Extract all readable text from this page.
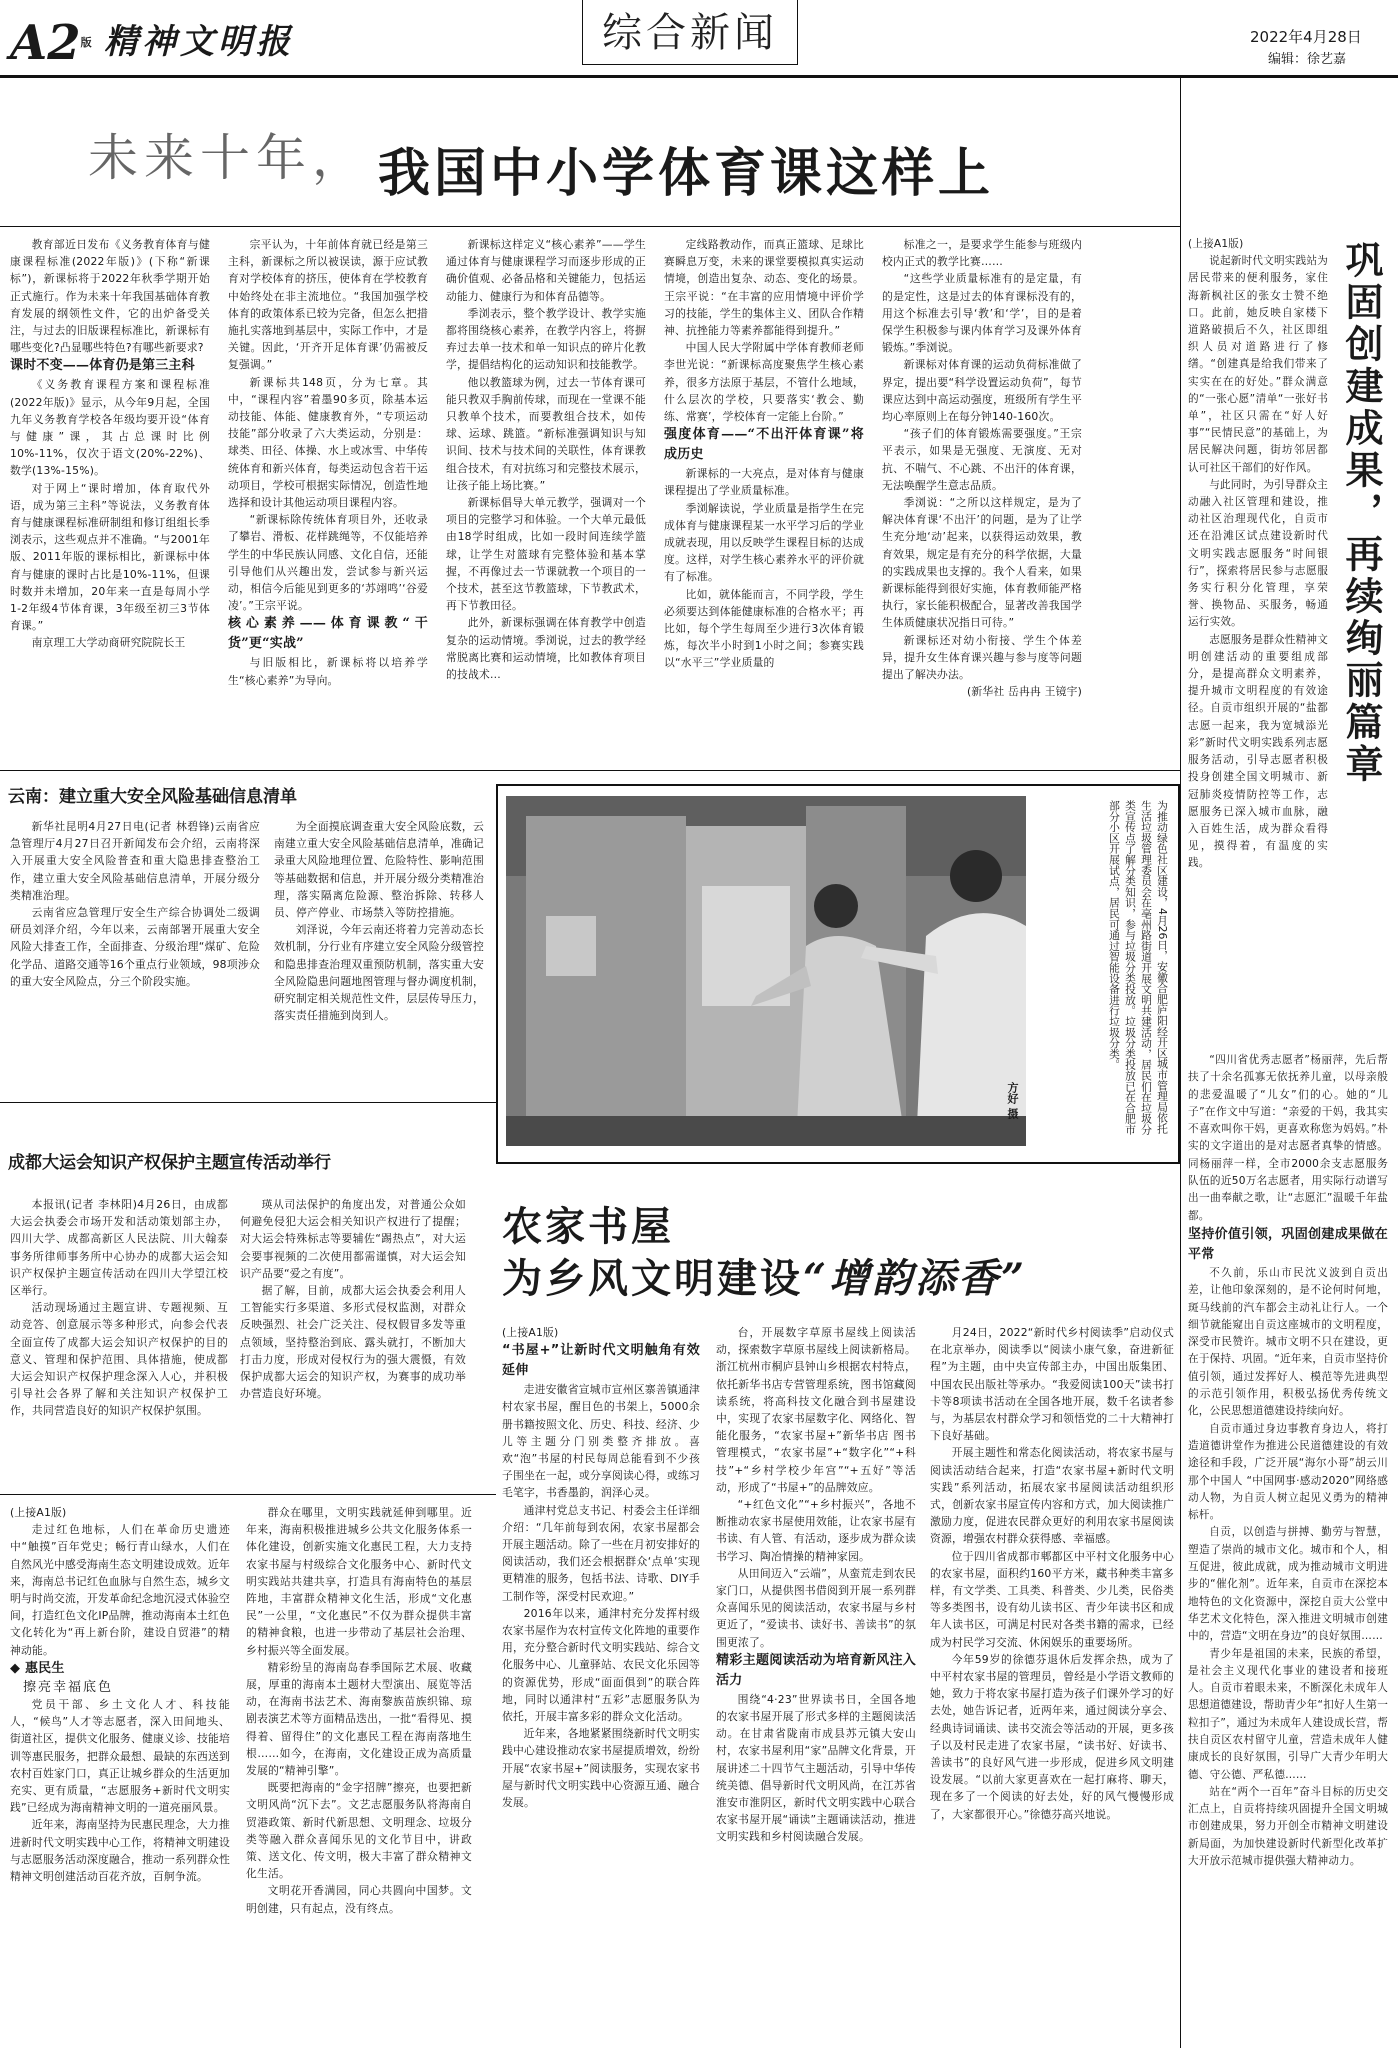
A2版 精神文明报	综合新闻	2022年4月28日
编辑：徐艺嘉
未来十年， 我国中小学体育课这样上

教育部近日发布《义务教育体育与健康课程标准(2022年版)》(下称“新课标”)，新课标将于2022年秋季学期开始正式施行。作为未来十年我国基础体育教育发展的纲领性文件，它的出炉备受关注，与过去的旧版课程标准比，新课标有哪些变化?凸显哪些特色?有哪些新要求?

课时不变——体育仍是第三主科

《义务教育课程方案和课程标准(2022年版)》显示，从今年9月起，全国九年义务教育学校各年级均要开设“体育与健康”课，其占总课时比例10%-11%，仅次于语文(20%-22%)、数学(13%-15%)。

对于网上“课时增加，体育取代外语，成为第三主科”等说法，义务教育体育与健康课程标准研制组和修订组组长季浏表示，这些观点并不准确。“与2001年版、2011年版的课标相比，新课标中体育与健康的课时占比是10%-11%，但课时数并未增加，20年来一直是每周小学1-2年级4节体育课，3年级至初三3节体育课。”

南京理工大学动商研究院院长王

宗平认为，十年前体育就已经是第三主科，新课标之所以被误读，源于应试教育对学校体育的挤压，使体育在学校教育中始终处在非主流地位。“我国加强学校体育的政策体系已较为完备，但怎么把措施扎实落地到基层中，实际工作中，才是关键。因此，‘开齐开足体育课’仍需被反复强调。”

新课标共148页，分为七章。其中，“课程内容”着墨90多页，除基本运动技能、体能、健康教育外，“专项运动技能”部分收录了六大类运动，分别是：球类、田径、体操、水上或冰雪、中华传统体育和新兴体育，每类运动包含若干运动项目，学校可根据实际情况，创造性地选择和设计其他运动项目课程内容。

“新课标除传统体育项目外，还收录了攀岩、滑板、花样跳绳等，不仅能培养学生的中华民族认同感、文化自信，还能引导他们从兴趣出发，尝试参与新兴运动，相信今后能见到更多的‘苏翊鸣’‘谷爱凌’。”王宗平说。

核心素养——体育课教“干货”更“实战”

与旧版相比，新课标将以培养学生“核心素养”为导向。

新课标这样定义“核心素养”——学生通过体育与健康课程学习而逐步形成的正确价值观、必备品格和关键能力，包括运动能力、健康行为和体育品德等。

季浏表示，整个教学设计、教学实施都将围绕核心素养，在教学内容上，将摒弃过去单一技术和单一知识点的碎片化教学，提倡结构化的运动知识和技能教学。

他以教篮球为例，过去一节体育课可能只教双手胸前传球，而现在一堂课不能只教单个技术，而要教组合技术，如传球、运球、跳篮。“新标准强调知识与知识间、技术与技术间的关联性，体育课教组合技术，有对抗练习和完整技术展示，让孩子能上场比赛。”

新课标倡导大单元教学，强调对一个项目的完整学习和体验。一个大单元最低由18学时组成，比如一段时间连续学篮球，让学生对篮球有完整体验和基本掌握，不再像过去一节课就教一个项目的一个技术，甚至这节教篮球，下节教武术，再下节教田径。

此外，新课标强调在体育教学中创造复杂的运动情境。季浏说，过去的教学经常脱离比赛和运动情境，比如教体育项目的技战术...

定线路教动作，而真正篮球、足球比赛瞬息万变，未来的课堂要模拟真实运动情境，创造出复杂、动态、变化的场景。王宗平说：“在丰富的应用情境中评价学习的技能，学生的集体主义、团队合作精神、抗挫能力等素养都能得到提升。”

中国人民大学附属中学体育教师老师李世光说：“新课标高度聚焦学生核心素养，很多方法原于基层，不管什么地域，什么层次的学校，只要落实‘教会、勤练、常赛’，学校体育一定能上台阶。”

强度体育——“不出汗体育课”将成历史

新课标的一大亮点，是对体育与健康课程提出了学业质量标准。

季浏解读说，学业质量是指学生在完成体育与健康课程某一水平学习后的学业成就表现，用以反映学生课程目标的达成度。这样，对学生核心素养水平的评价就有了标准。

比如，就体能而言，不同学段，学生必须要达到体能健康标准的合格水平；再比如，每个学生每周至少进行3次体育锻炼，每次半小时到1小时之间；参赛实践以“水平三”学业质量的

标准之一，是要求学生能参与班级内校内正式的教学比赛……

“这些学业质量标准有的是定量，有的是定性，这是过去的体育课标没有的，用这个标准去引导‘教’和‘学’，目的是着保学生积极参与课内体育学习及课外体育锻炼。”季浏说。

新课标对体育课的运动负荷标准做了界定，提出要“科学设置运动负荷”，每节课应达到中高运动强度，班级所有学生平均心率原则上在每分钟140-160次。

“孩子们的体育锻炼需要强度。”王宗平表示，如果是无强度、无演度、无对抗、不喘气、不心跳、不出汗的体育课，无法唤醒学生意志品质。

季浏说：“之所以这样规定，是为了解决体育课‘不出汗’的问题，是为了让学生充分地‘动’起来，以获得运动效果，教育效果，规定是有充分的科学依据，大量的实践成果也支撑的。我个人看来，如果新课标能得到很好实施，体育教师能严格执行，家长能积极配合，显著改善我国学生体质健康状况指日可待。”

新课标还对幼小衔接、学生个体差异，提升女生体育课兴趣与参与度等问题提出了解决办法。

(新华社 岳冉冉 王镜宇)	巩固创建成果，再续绚丽篇章

(上接A1版)

说起新时代文明实践站为居民带来的便利服务，家住海新枫社区的张女士赞不绝口。此前，她反映自家楼下道路破损后不久，社区即组织人员对道路进行了修缮。“创建真是给我们带来了实实在在的好处。”群众满意的“一张心愿”清单“一张好书单”，社区只需在“好人好事”“民情民意”的基础上，为居民解决问题，街坊邻居都认可社区干部们的好作风。

与此同时，为引导群众主动融入社区管理和建设，推动社区治理现代化，自贡市还在沿滩区试点建设新时代文明实践志愿服务“时间银行”，探索将居民参与志愿服务实行积分化管理，享荣誉、换物品、买服务，畅通运行实效。

志愿服务是群众性精神文明创建活动的重要组成部分，是提高群众文明素养，提升城市文明程度的有效途径。自贡市组织开展的“盐都志愿一起来，我为宽城添光彩”新时代文明实践系列志愿服务活动，引导志愿者积极投身创建全国文明城市、新冠肺炎疫情防控等工作，志愿服务已深入城市血脉，融入百姓生活，成为群众看得见，摸得着，有温度的实践。

“四川省优秀志愿者”杨丽萍，先后帮扶了十余名孤寡无依抚养儿童，以母亲般的悲爱温暖了“儿女”们的心。她的“儿子”在作文中写道：“亲爱的干妈，我其实不喜欢叫你干妈，更喜欢称您为妈妈。”朴实的文字道出的是对志愿者真挚的情感。同杨丽萍一样，全市2000余支志愿服务队伍的近50万名志愿者，用实际行动谱写出一曲奉献之歌，让“志愿汇”温暖千年盐都。

坚持价值引领，巩固创建成果做在平常

不久前，乐山市民沈义波到自贡出差，让他印象深刻的，是不论何时何地，斑马线前的汽车都会主动礼让行人。一个细节就能窥出自贡这座城市的文明程度，深受市民赞许。城市文明不只在建设，更在于保持、巩固。“近年来，自贡市坚持价值引领，通过发挥好人、模范等先进典型的示范引领作用，积极弘扬优秀传统文化，公民思想道德建设持续向好。

自贡市通过身边事教育身边人，将打造道德讲堂作为推进公民道德建设的有效途径和手段，广泛开展“海尔小哥”胡云川那个中国人 “中国网事·感动2020”网络感动人物，为自贡人树立起见义勇为的精神标杆。

自贡，以创造与拼搏、勤劳与智慧，塑造了崇尚的城市文化。城市和个人，相互促进，彼此成就，成为推动城市文明进步的“催化剂”。近年来，自贡市在深挖本地特色的文化资源中，深挖自贡大公堂中华艺术文化特色，深入推进文明城市创建中的，营造“文明在身边”的良好氛围……

青少年是祖国的未来，民族的希望，是社会主义现代化事业的建设者和接班人。自贡市着眼未来，不断深化未成年人思想道德建设，帮助青少年“扣好人生第一粒扣子”，通过为未成年人建设成长营，帮扶自贡区农村留守儿童，营造未成年人健康成长的良好氛围，引导广大青少年明大德、守公德、严私德……

站在“两个一百年”奋斗目标的历史交汇点上，自贡将持续巩固提升全国文明城市创建成果，努力开创全市精神文明建设新局面，为加快建设新时代新型化改革扩大开放示范城市提供强大精神动力。

云南：建立重大安全风险基础信息清单

新华社昆明4月27日电(记者 林碧锋)云南省应急管理厅4月27日召开新闻发布会介绍，云南将深入开展重大安全风险普查和重大隐患排查整治工作，建立重大安全风险基础信息清单，开展分级分类精准治理。

云南省应急管理厅安全生产综合协调处二级调研员刘泽介绍，今年以来，云南部署开展重大安全风险大排查工作，全面排查、分级治理“煤矿、危险化学品、道路交通等16个重点行业领域，98项涉众的重大安全风险点，分三个阶段实施。

为全面摸底调查重大安全风险底数，云南建立重大安全风险基础信息清单，准确记录重大风险地理位置、危险特性、影响范围等基础数据和信息，并开展分级分类精准治理，落实隔离危险源、整治拆除、转移人员、停产停业、市场禁入等防控措施。

刘泽说，今年云南还将着力完善动态长效机制，分行业有序建立安全风险分级管控和隐患排查治理双重预防机制，落实重大安全风险隐患问题地图管理与督办调度机制，研究制定相关规范性文件，层层传导压力，落实责任措施到岗到人。	为推动绿色社区建设，4月26日，安徽合肥庐阳经开区城市管理局依托生活垃圾管理委员会在亳州路街道开展文明共建活动，居民们在垃圾分类宣传点了解分类知识，参与垃圾分类投放。垃圾分类投放已在合肥市部分小区开展试点，居民可通过智能设备进行垃圾分类。
方好 摄
成都大运会知识产权保护主题宣传活动举行

本报讯(记者 李林阳)4月26日，由成都大运会执委会市场开发和活动策划部主办，四川大学、成都高新区人民法院、川大翰泰事务所律师事务所中心协办的成都大运会知识产权保护主题宣传活动在四川大学望江校区举行。

活动现场通过主题宣讲、专题视频、互动竞答、创意展示等多种形式，向参会代表全面宣传了成都大运会知识产权保护的目的意义、管理和保护范围、具体措施，使成都大运会知识产权保护理念深入人心，并积极引导社会各界了解和关注知识产权保护工作，共同营造良好的知识产权保护氛围。

瑛从司法保护的角度出发，对普通公众如何避免侵犯大运会相关知识产权进行了提醒；对大运会特殊标志等要辅佐“踢热点”，对大运会要事视频的二次使用都需谨慎，对大运会知识产品要“爱之有度”。

据了解，目前，成都大运会执委会利用人工智能实行多渠道、多形式侵权监测，对群众反映强烈、社会广泛关注、侵权假冒多发等重点领域，坚持整治到底、露头就打，不断加大打击力度，形成对侵权行为的强大震慑，有效保护成都大运会的知识产权，为赛事的成功举办营造良好环境。

农家书屋
为乡风文明建设“增韵添香”

(上接A1版)

“书屋+”让新时代文明触角有效延伸

走进安徽省宣城市宣州区寨善镇通津村农家书屋，醒目色的书架上，5000余册书籍按照文化、历史、科技、经济、少儿等主题分门别类整齐排放。喜欢“泡”书屋的村民每周总能看到不少孩子围坐在一起，或分享阅读心得，或练习毛笔字，书香墨韵，润泽心灵。

通津村党总支书记、村委会主任详细介绍：“几年前每到农闲，农家书屋都会开展主题活动。除了一些在月初安排好的阅读活动，我们还会根据群众‘点单’实现更精准的服务，包括书法、诗歌、DIY手工制作等，深受村民欢迎。”

2016年以来，通津村充分发挥村级农家书屋作为农村宣传文化阵地的重要作用，充分整合新时代文明实践站、综合文化服务中心、儿童驿站、农民文化乐园等的资源优势，形成“面面俱到”的联合阵地，同时以通津村“五彩”志愿服务队为依托，开展丰富多彩的群众文化活动。

近年来，各地紧紧围绕新时代文明实践中心建设推动农家书屋提质增效，纷纷开展“农家书屋+”阅读服务，实现农家书屋与新时代文明实践中心资源互通、融合发展。

台，开展数字草原书屋线上阅读活动，探索数字草原书屋线上阅读新格局。浙江杭州市桐庐县钟山乡根据农村特点，依托新华书店专营管理系统，图书馆藏阅读系统，将高科技文化融合到书屋建设中，实现了农家书屋数字化、网络化、智能化服务，“农家书屋+”新华书店 图书管理模式，“农家书屋”+“数字化”“+科技”+“乡村学校少年宫”“+五好”等活动，形成了“书屋+”的品牌效应。

“+红色文化”“+乡村振兴”，各地不断推动农家书屋使用效能，让农家书屋有书读、有人管、有活动，逐步成为群众读书学习、陶冶情操的精神家园。

从田间迈入“云端”，从蛮荒走到农民家门口，从提供图书借阅到开展一系列群众喜闻乐见的阅读活动，农家书屋与乡村更近了，“爱读书、读好书、善读书”的氛围更浓了。

精彩主题阅读活动为培育新风注入活力

围绕“4·23”世界读书日，全国各地的农家书屋开展了形式多样的主题阅读活动。在甘肃省陇南市成县苏元镇大安山村，农家书屋利用“家”品牌文化背景，开展讲述二十四节气主题活动，引导中华传统美德、倡导新时代文明风尚，在江苏省淮安市淮阴区，新时代文明实践中心联合农家书屋开展“诵读”主题诵读活动，推进文明实践和乡村阅读融合发展。

月24日，2022“新时代乡村阅读季”启动仪式在北京举办，阅读季以“阅读小康气象，奋进新征程”为主题，由中央宣传部主办，中国出版集团、中国农民出版社等承办。“我爱阅读100天”读书打卡等8项读书活动在全国各地开展，数千名读者参与，为基层农村群众学习和领悟党的二十大精神打下良好基础。

开展主题性和常态化阅读活动，将农家书屋与阅读活动结合起来，打造“农家书屋+新时代文明实践”系列活动，拓展农家书屋阅读活动组织形式，创新农家书屋宣传内容和方式，加大阅读推广激励力度，促进农民群众更好的利用农家书屋阅读资源，增强农村群众获得感、幸福感。

位于四川省成都市郫都区中平村文化服务中心的农家书屋，面积约160平方米，藏书种类丰富多样，有文学类、工具类、科普类、少儿类，民俗类等多类图书，设有幼儿读书区、青少年读书区和成年人读书区，可满足村民对各类书籍的需求，已经成为村民学习交流、休闲娱乐的重要场所。

今年59岁的徐德芬退休后发挥余热，成为了中平村农家书屋的管理员，曾经是小学语文教师的她，致力于将农家书屋打造为孩子们课外学习的好去处，她告诉记者，近两年来，通过阅读分享会、经典诗词诵读、读书交流会等活动的开展，更多孩子以及村民走进了农家书屋，“读书好、好读书、善读书”的良好风气进一步形成，促进乡风文明建设发展。“以前大家更喜欢在一起打麻将、聊天，现在多了一个阅读的好去处，好的风气慢慢形成了，大家都很开心。”徐德芬高兴地说。

(上接A1版)

走过红色地标，人们在革命历史遗迹中“触摸”百年党史；畅行青山绿水，人们在自然风光中感受海南生态文明建设成效。近年来，海南总书记红色血脉与自然生态，城乡文明与时尚交流，开发革命纪念地沉浸式体验空间，打造红色文化IP品牌，推动海南本土红色文化转化为“再上新台阶，建设自贸港”的精神动能。

◆ 惠民生

擦亮幸福底色

党员干部、乡土文化人才、科技能人，“候鸟”人才等志愿者，深入田间地头、街道社区，提供文化服务、健康义诊、技能培训等惠民服务，把群众最想、最缺的东西送到农村百姓家门口，真正让城乡群众的生活更加充实、更有质量，“志愿服务+新时代文明实践”已经成为海南精神文明的一道亮丽风景。

近年来，海南坚持为民惠民理念，大力推进新时代文明实践中心工作，将精神文明建设与志愿服务活动深度融合，推动一系列群众性精神文明创建活动百花齐放，百舸争流。

群众在哪里，文明实践就延伸到哪里。近年来，海南积极推进城乡公共文化服务体系一体化建设，创新实施文化惠民工程，大力支持农家书屋与村级综合文化服务中心、新时代文明实践站共建共享，打造具有海南特色的基层阵地，丰富群众精神文化生活，形成“文化惠民”一公里，“文化惠民”不仅为群众提供丰富的精神食粮，也进一步带动了基层社会治理、乡村振兴等全面发展。

精彩纷呈的海南岛春季国际艺术展、收藏展，厚重的海南本土题材大型演出、展览等活动，在海南书法艺术、海南黎族苗族织锦、琼剧表演艺术等方面精品迭出，一批“看得见、摸得着、留得住”的文化惠民工程在海南落地生根……如今，在海南，文化建设正成为高质量发展的“精神引擎”。

既要把海南的“金字招牌”擦亮，也要把新文明风尚“沉下去”。文艺志愿服务队将海南自贸港政策、新时代新思想、文明理念、垃圾分类等融入群众喜闻乐见的文化节目中，讲政策、送文化、传文明，极大丰富了群众精神文化生活。

文明花开香满园，同心共圆向中国梦。文明创建，只有起点，没有终点。
